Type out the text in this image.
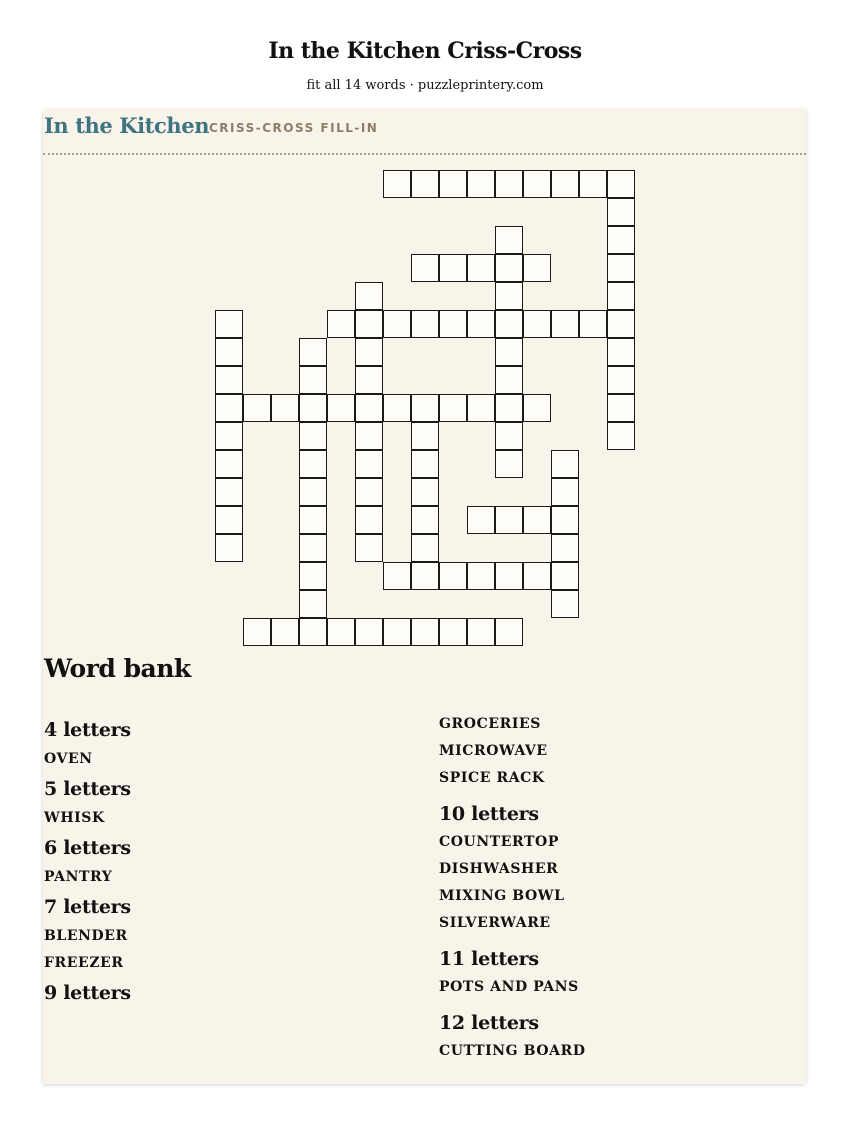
In the Kitchen Criss-Cross
fit all 14 words · puzzleprintery.com
In the Kitchen CRISS-CROSS FILL-IN
Word bank
4 letters

OVEN

5 letters

WHISK

6 letters

PANTRY

7 letters

BLENDER

FREEZER

9 letters

GROCERIES

MICROWAVE

SPICE RACK

10 letters

COUNTERTOP

DISHWASHER

MIXING BOWL

SILVERWARE

11 letters

POTS AND PANS

12 letters

CUTTING BOARD
